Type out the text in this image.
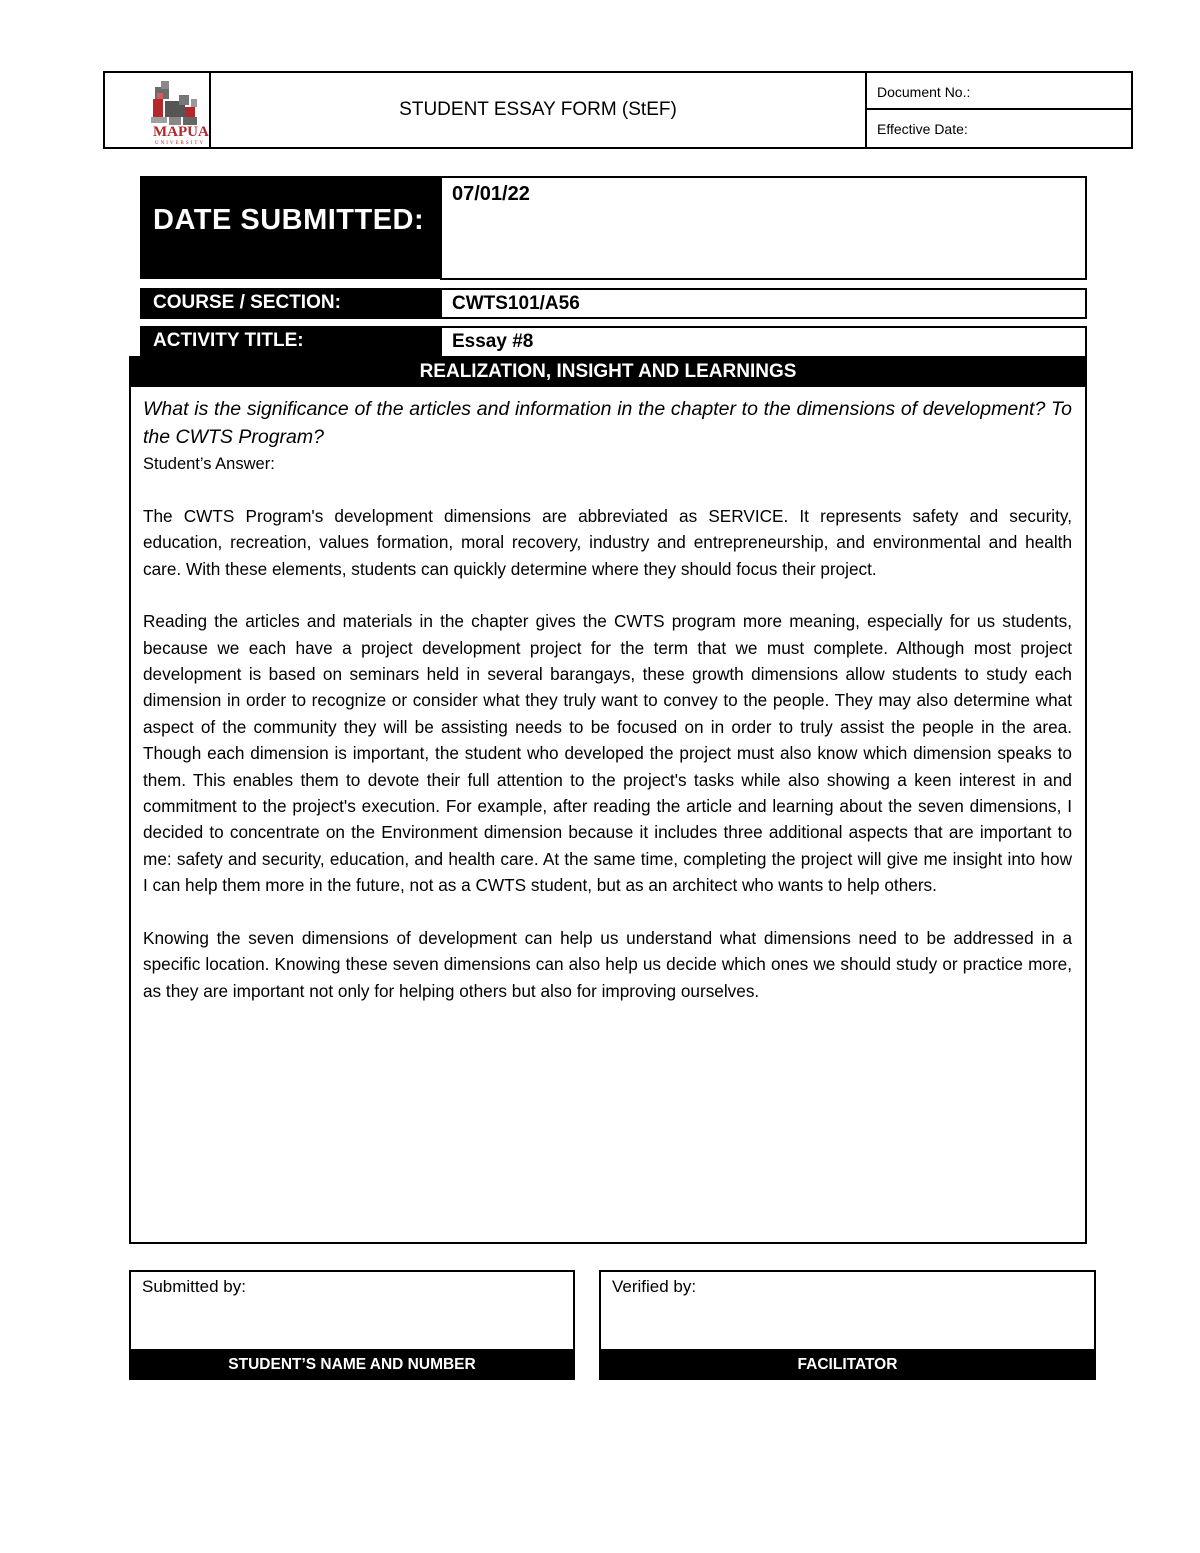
MAPUA
UNIVERSITY
STUDENT ESSAY FORM (StEF)
Document No.:
Effective Date:
DATE SUBMITTED:
07/01/22
COURSE / SECTION:	CWTS101/A56
ACTIVITY TITLE:	Essay #8
REALIZATION, INSIGHT AND LEARNINGS

What is the significance of the articles and information in the chapter to the dimensions of development? To the CWTS Program?

Student’s Answer:

The CWTS Program's development dimensions are abbreviated as SERVICE. It represents safety and security, education, recreation, values formation, moral recovery, industry and entrepreneurship, and environmental and health care. With these elements, students can quickly determine where they should focus their project.

Reading the articles and materials in the chapter gives the CWTS program more meaning, especially for us students, because we each have a project development project for the term that we must complete. Although most project development is based on seminars held in several barangays, these growth dimensions allow students to study each dimension in order to recognize or consider what they truly want to convey to the people. They may also determine what aspect of the community they will be assisting needs to be focused on in order to truly assist the people in the area. Though each dimension is important, the student who developed the project must also know which dimension speaks to them. This enables them to devote their full attention to the project's tasks while also showing a keen interest in and commitment to the project's execution. For example, after reading the article and learning about the seven dimensions, I decided to concentrate on the Environment dimension because it includes three additional aspects that are important to me: safety and security, education, and health care. At the same time, completing the project will give me insight into how I can help them more in the future, not as a CWTS student, but as an architect who wants to help others.

Knowing the seven dimensions of development can help us understand what dimensions need to be addressed in a specific location. Knowing these seven dimensions can also help us decide which ones we should study or practice more, as they are important not only for helping others but also for improving ourselves.

Submitted by:
STUDENT’S NAME AND NUMBER
Verified by:
FACILITATOR
